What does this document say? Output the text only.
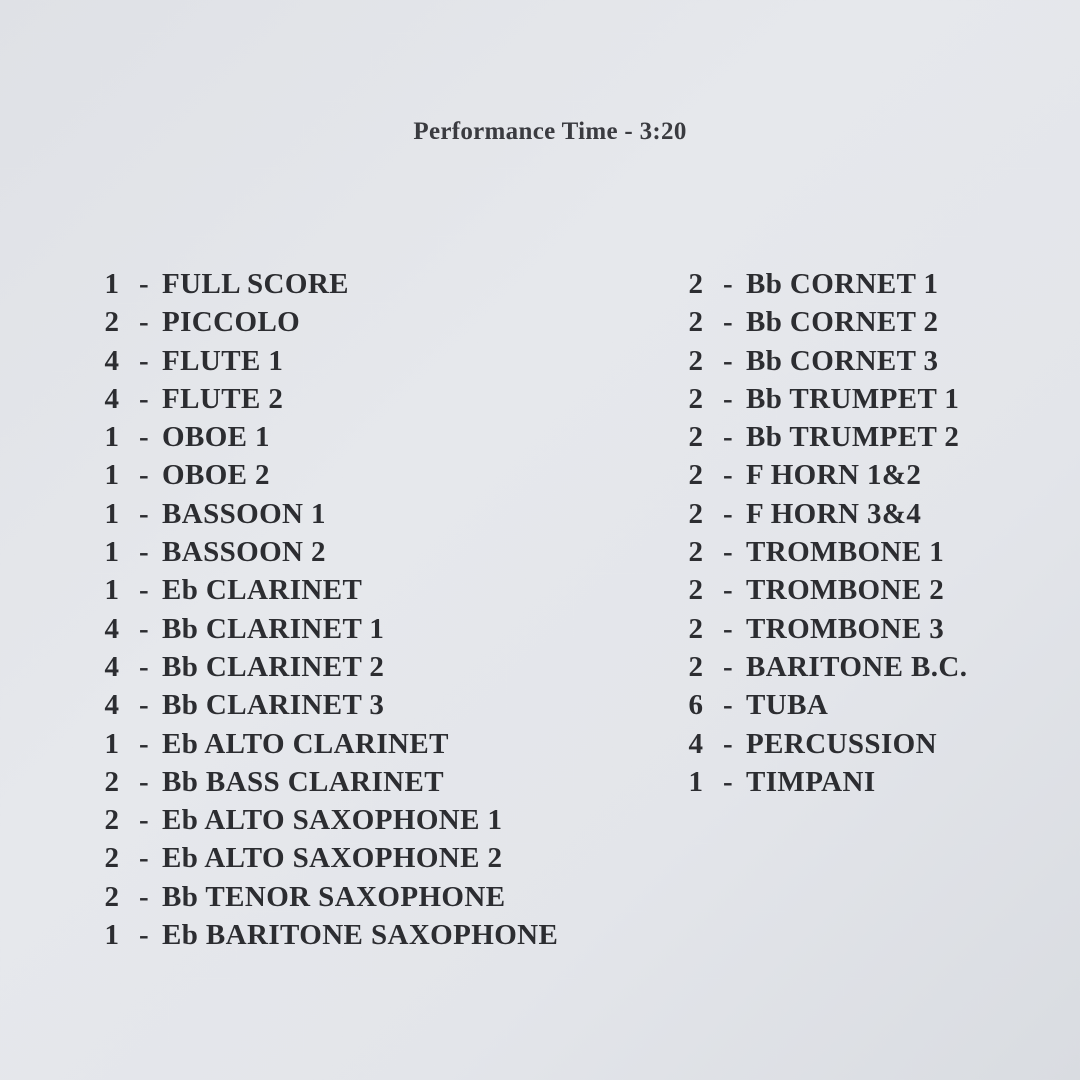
Performance Time - 3:20
1 - FULL SCORE
2 - PICCOLO
4 - FLUTE 1
4 - FLUTE 2
1 - OBOE 1
1 - OBOE 2
1 - BASSOON 1
1 - BASSOON 2
1 - Eb CLARINET
4 - Bb CLARINET 1
4 - Bb CLARINET 2
4 - Bb CLARINET 3
1 - Eb ALTO CLARINET
2 - Bb BASS CLARINET
2 - Eb ALTO SAXOPHONE 1
2 - Eb ALTO SAXOPHONE 2
2 - Bb TENOR SAXOPHONE
1 - Eb BARITONE SAXOPHONE
2 - Bb CORNET 1
2 - Bb CORNET 2
2 - Bb CORNET 3
2 - Bb TRUMPET 1
2 - Bb TRUMPET 2
2 - F HORN 1&2
2 - F HORN 3&4
2 - TROMBONE 1
2 - TROMBONE 2
2 - TROMBONE 3
2 - BARITONE B.C.
6 - TUBA
4 - PERCUSSION
1 - TIMPANI
